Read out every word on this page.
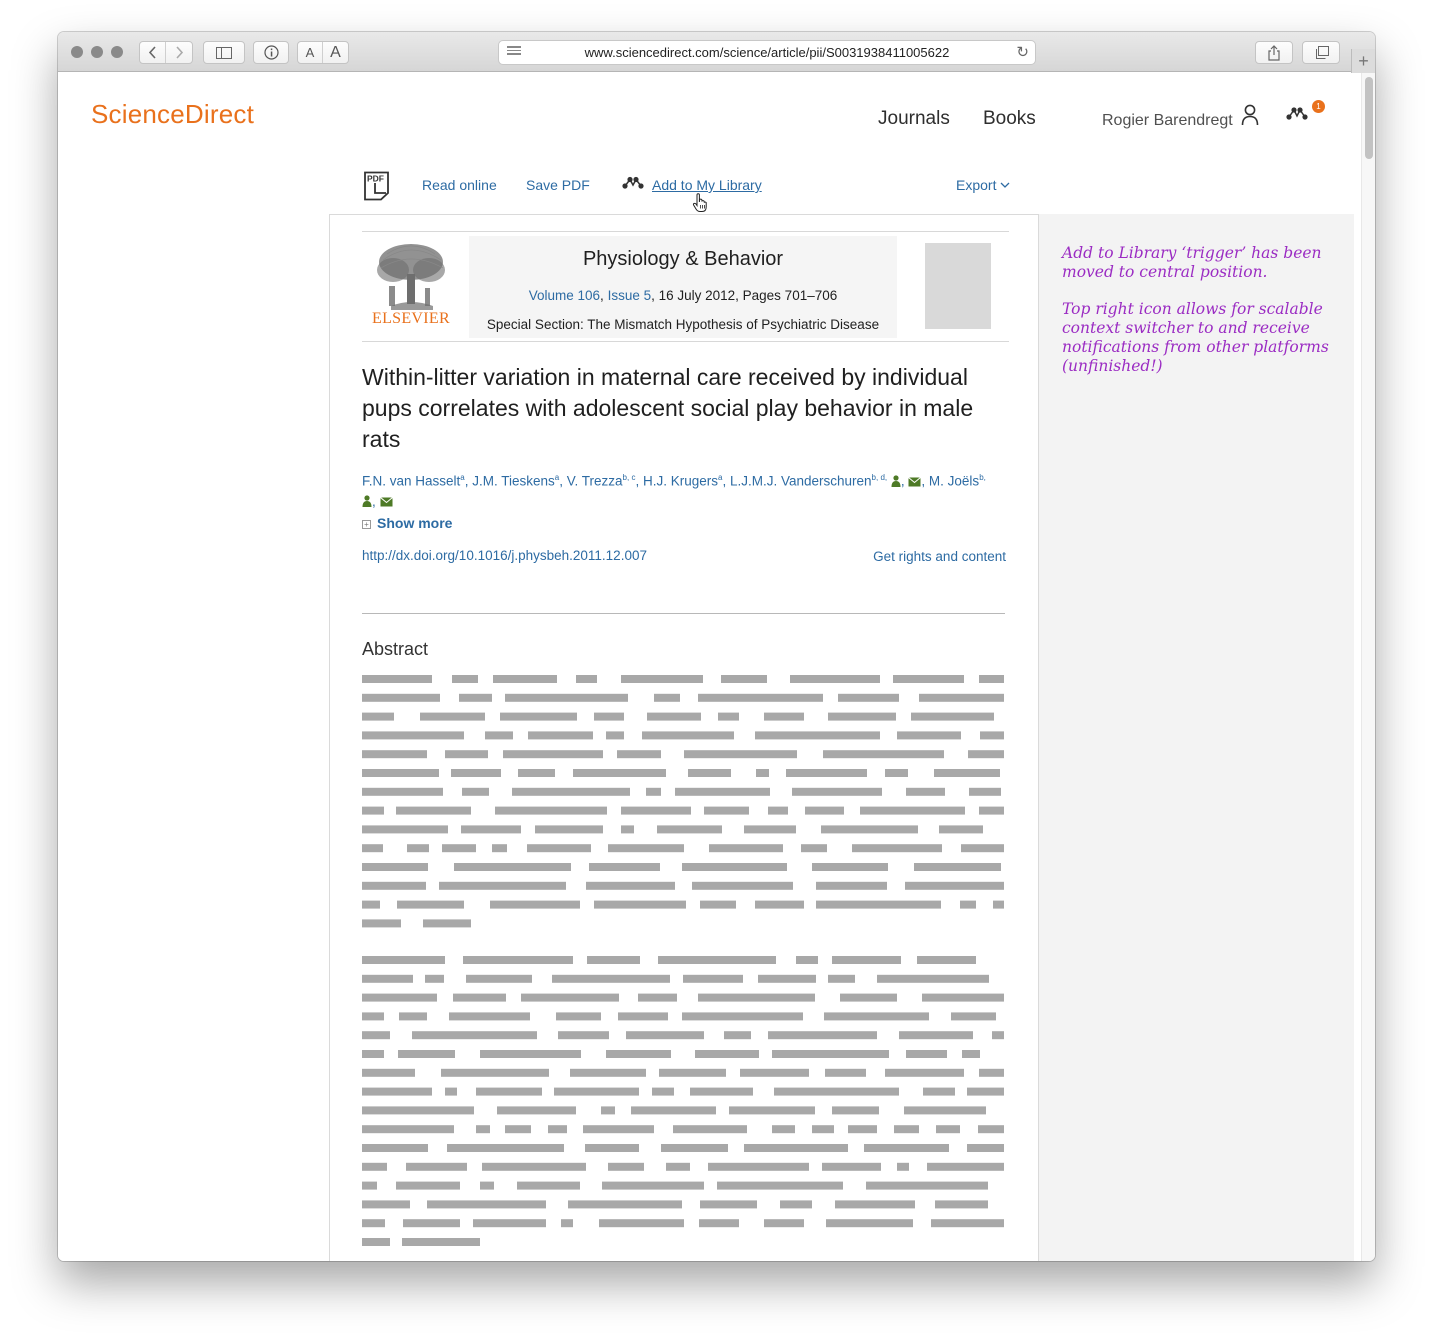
A A	www.sciencedirect.com/science/article/pii/S0031938411005622	↻	+
ScienceDirect	Journals Books	Rogier Barendregt
1
PDF	Read online Save PDF	Add to My Library	Export
ELSEVIER
Physiology & Behavior
Volume 106, Issue 5, 16 July 2012, Pages 701–706
Special Section: The Mismatch Hypothesis of Psychiatric Disease
Within-litter variation in maternal care received by individual pups correlates with adolescent social play behavior in male rats
F.N. van Hasselt$^a$, J.M. Tieskens$^a$, V. Trezza$^{b, c}$, H.J. Krugers$^a$, L.J.M.J. Vanderschuren$^{b, d,}$ , , M. Joëls$^{b,}$
,
+ Show more
http://dx.doi.org/10.1016/j.physbeh.2011.12.007	Get rights and content
Abstract
Add to Library ‘trigger’ has been moved to central position.
Top right icon allows for scalable context switcher to and receive notifications from other platforms (unfinished!)
